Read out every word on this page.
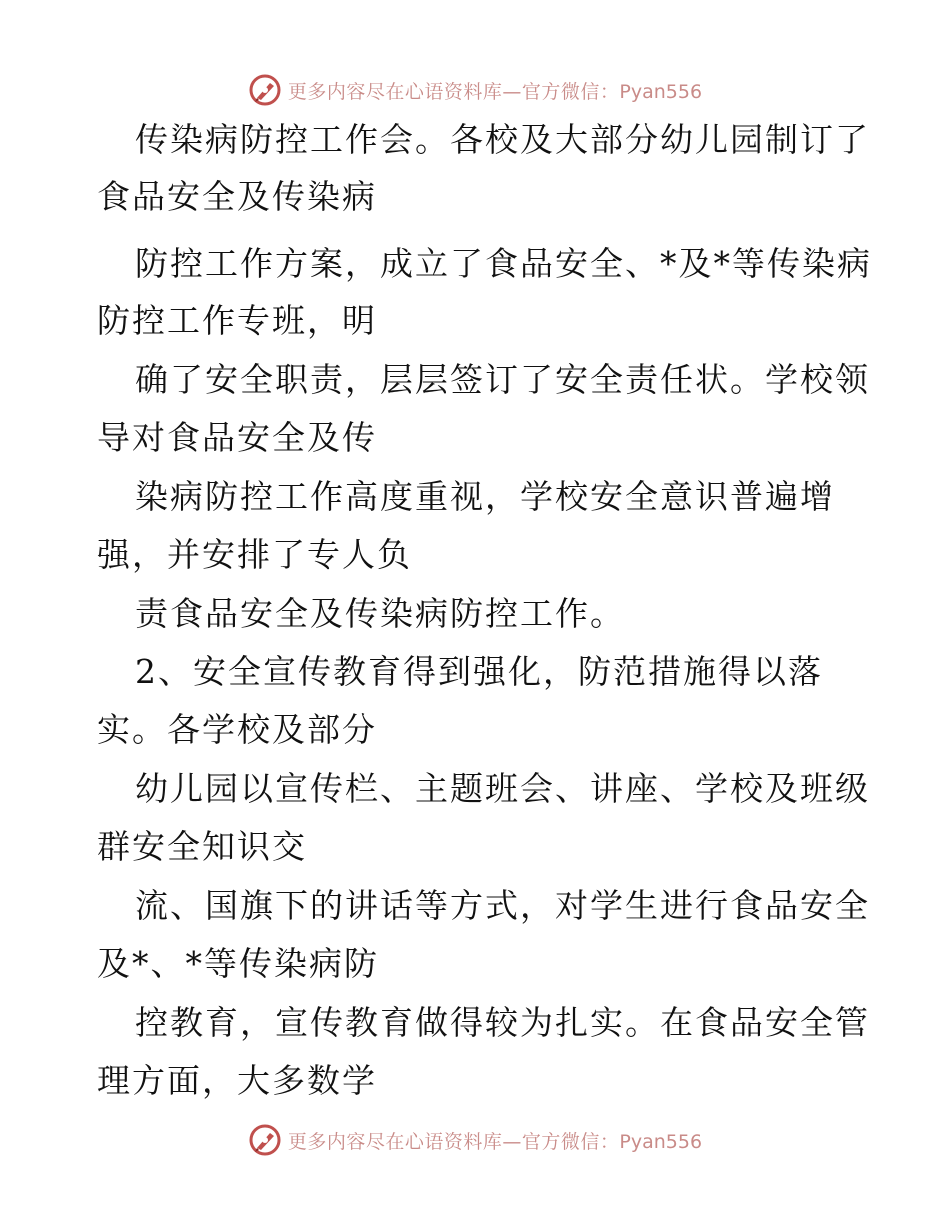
更多内容尽在心语资料库—官方微信：Pyan556
传染病防控工作会。各校及大部分幼儿园制订了
食品安全及传染病
防控工作方案，成立了食品安全、*及*等传染病
防控工作专班，明
确了安全职责，层层签订了安全责任状。学校领
导对食品安全及传
染病防控工作高度重视，学校安全意识普遍增
强，并安排了专人负
责食品安全及传染病防控工作。
2、安全宣传教育得到强化，防范措施得以落
实。各学校及部分
幼儿园以宣传栏、主题班会、讲座、学校及班级
群安全知识交
流、国旗下的讲话等方式，对学生进行食品安全
及*、*等传染病防
控教育，宣传教育做得较为扎实。在食品安全管
理方面，大多数学
更多内容尽在心语资料库—官方微信：Pyan556
